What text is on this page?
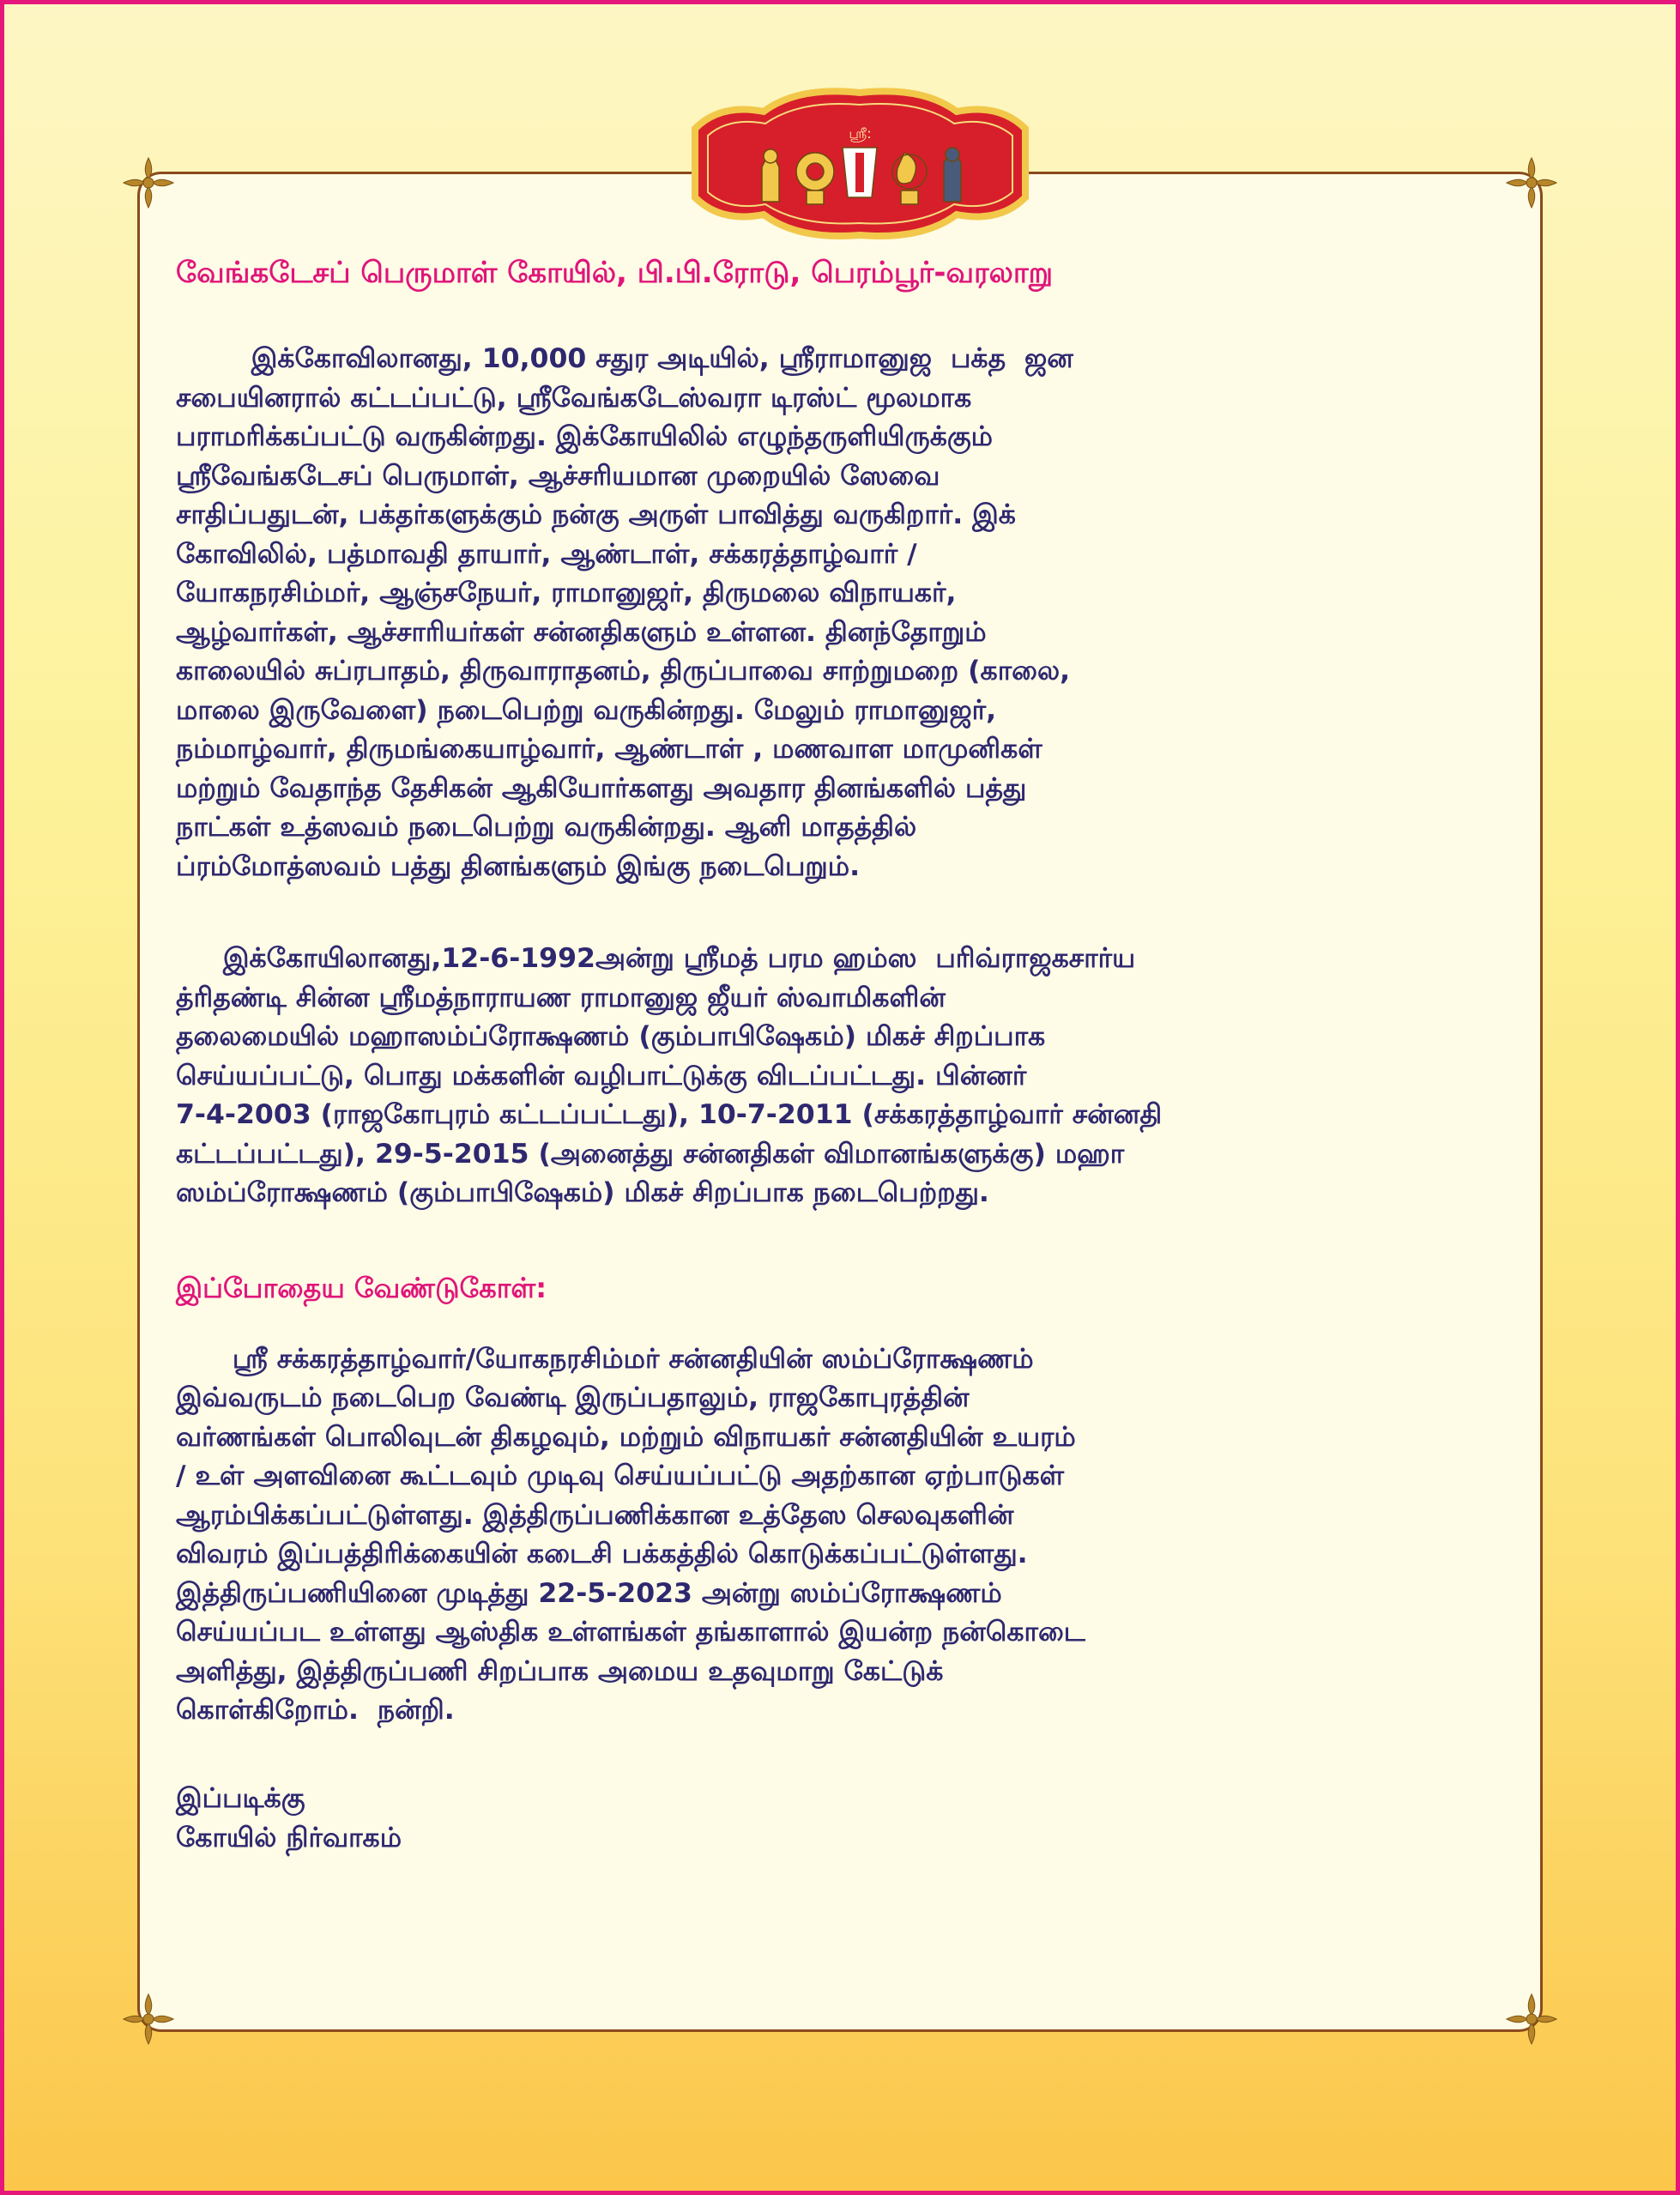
ஸ்ரீ:

வேங்கடேசப் பெருமாள் கோயில், பி.பி.ரோடு, பெரம்பூர்-வரலாறு

இக்கோவிலானது, 10,000 சதுர அடியில், ஸ்ரீராமானுஜ  பக்த  ஜன
சபையினரால் கட்டப்பட்டு, ஸ்ரீவேங்கடேஸ்வரா டிரஸ்ட் மூலமாக
பராமரிக்கப்பட்டு வருகின்றது. இக்கோயிலில் எழுந்தருளியிருக்கும்
ஸ்ரீவேங்கடேசப் பெருமாள், ஆச்சரியமான முறையில் ஸேவை
சாதிப்பதுடன், பக்தர்களுக்கும் நன்கு அருள் பாவித்து வருகிறார். இக்
கோவிலில், பத்மாவதி தாயார், ஆண்டாள், சக்கரத்தாழ்வார் /
யோகநரசிம்மர், ஆஞ்சநேயர், ராமானுஜர், திருமலை விநாயகர்,
ஆழ்வார்கள், ஆச்சாரியர்கள் சன்னதிகளும் உள்ளன. தினந்தோறும்
காலையில் சுப்ரபாதம், திருவாராதனம், திருப்பாவை சாற்றுமறை (காலை,
மாலை இருவேளை) நடைபெற்று வருகின்றது. மேலும் ராமானுஜர்,
நம்மாழ்வார், திருமங்கையாழ்வார், ஆண்டாள் , மணவாள மாமுனிகள்
மற்றும் வேதாந்த தேசிகன் ஆகியோர்களது அவதார தினங்களில் பத்து
நாட்கள் உத்ஸவம் நடைபெற்று வருகின்றது. ஆனி மாதத்தில்
ப்ரம்மோத்ஸவம் பத்து தினங்களும் இங்கு நடைபெறும்.
இக்கோயிலானது,12-6-1992அன்று ஸ்ரீமத் பரம ஹம்ஸ  பரிவ்ராஜகசார்ய
த்ரிதண்டி சின்ன ஸ்ரீமத்நாராயண ராமானுஜ ஜீயர் ஸ்வாமிகளின்
தலைமையில் மஹாஸம்ப்ரோக்ஷணம் (கும்பாபிஷேகம்) மிகச் சிறப்பாக
செய்யப்பட்டு, பொது மக்களின் வழிபாட்டுக்கு விடப்பட்டது. பின்னர்
7-4-2003 (ராஜகோபுரம் கட்டப்பட்டது), 10-7-2011 (சக்கரத்தாழ்வார் சன்னதி
கட்டப்பட்டது), 29-5-2015 (அனைத்து சன்னதிகள் விமானங்களுக்கு) மஹா
ஸம்ப்ரோக்ஷணம் (கும்பாபிஷேகம்) மிகச் சிறப்பாக நடைபெற்றது.

இப்போதைய வேண்டுகோள்:

ஸ்ரீ சக்கரத்தாழ்வார்/யோகநரசிம்மர் சன்னதியின் ஸம்ப்ரோக்ஷணம்
இவ்வருடம் நடைபெற வேண்டி இருப்பதாலும், ராஜகோபுரத்தின்
வர்ணங்கள் பொலிவுடன் திகழவும், மற்றும் விநாயகர் சன்னதியின் உயரம்
/ உள் அளவினை கூட்டவும் முடிவு செய்யப்பட்டு அதற்கான ஏற்பாடுகள்
ஆரம்பிக்கப்பட்டுள்ளது. இத்திருப்பணிக்கான உத்தேஸ செலவுகளின்
விவரம் இப்பத்திரிக்கையின் கடைசி பக்கத்தில் கொடுக்கப்பட்டுள்ளது.
இத்திருப்பணியினை முடித்து 22-5-2023 அன்று ஸம்ப்ரோக்ஷணம்
செய்யப்பட உள்ளது ஆஸ்திக உள்ளங்கள் தங்காளால் இயன்ற நன்கொடை
அளித்து, இத்திருப்பணி சிறப்பாக அமைய உதவுமாறு கேட்டுக்
கொள்கிறோம்.  நன்றி.

இப்படிக்கு

கோயில் நிர்வாகம்
